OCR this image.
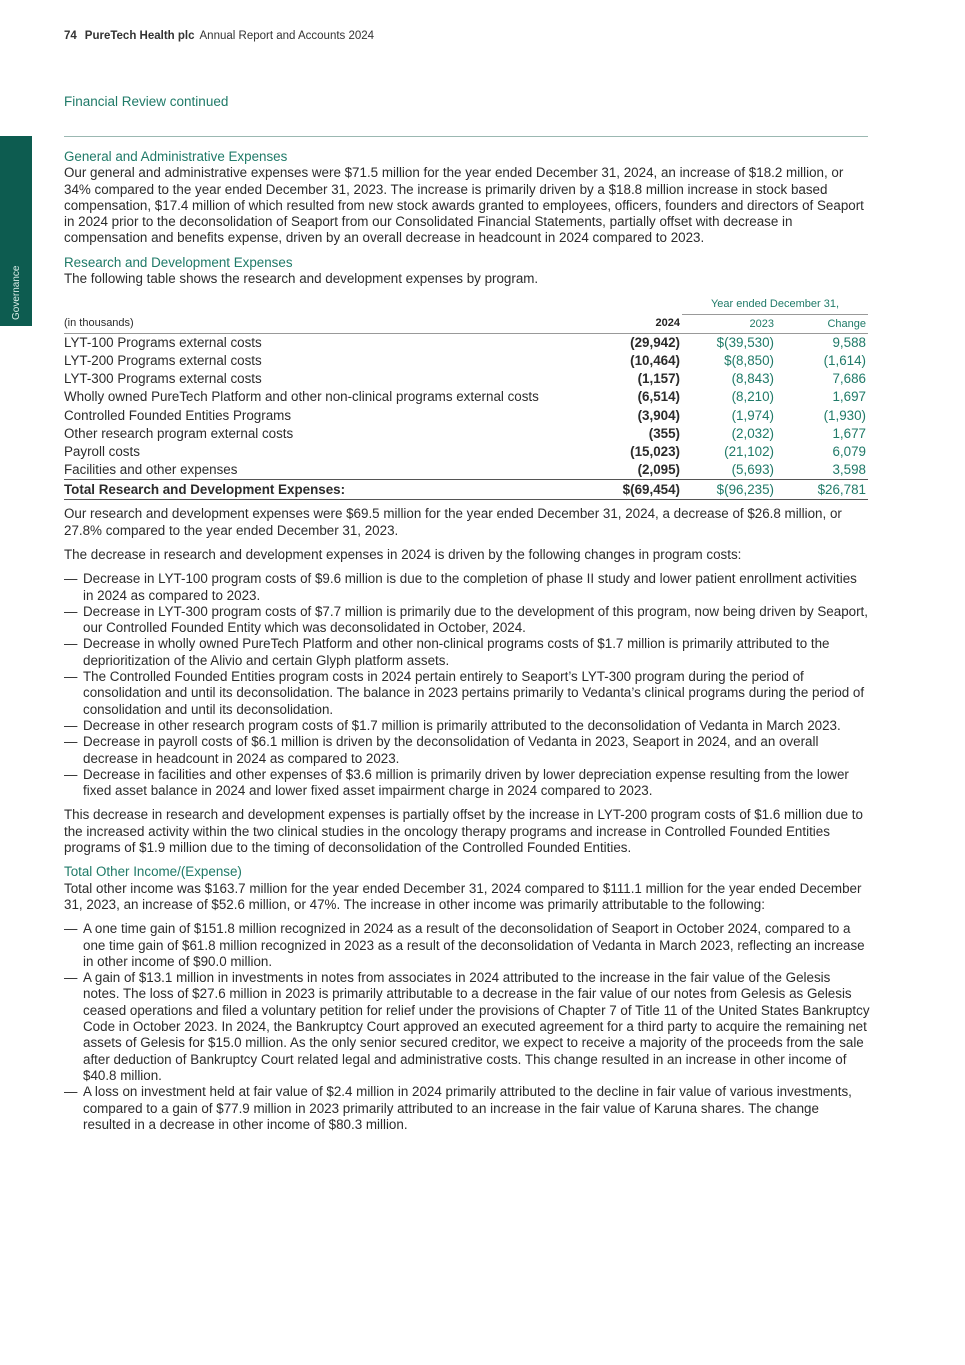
74 PureTech Health plc Annual Report and Accounts 2024
Financial Review continued
Governance
General and Administrative Expenses

Our general and administrative expenses were $71.5 million for the year ended December 31, 2024, an increase of $18.2 million, or 34% compared to the year ended December 31, 2023. The increase is primarily driven by a $18.8 million increase in stock based compensation, $17.4 million of which resulted from new stock awards granted to employees, officers, founders and directors of Seaport in 2024 prior to the deconsolidation of Seaport from our Consolidated Financial Statements, partially offset with decrease in compensation and benefits expense, driven by an overall decrease in headcount in 2024 compared to 2023.

Research and Development Expenses

The following table shows the research and development expenses by program.

		Year ended December 31,	
(in thousands)	2024	2023	Change
LYT-100 Programs external costs	(29,942)	$(39,530)	9,588
LYT-200 Programs external costs	(10,464)	$(8,850)	(1,614)
LYT-300 Programs external costs	(1,157)	(8,843)	7,686
Wholly owned PureTech Platform and other non-clinical programs external costs	(6,514)	(8,210)	1,697
Controlled Founded Entities Programs	(3,904)	(1,974)	(1,930)
Other research program external costs	(355)	(2,032)	1,677
Payroll costs	(15,023)	(21,102)	6,079
Facilities and other expenses	(2,095)	(5,693)	3,598
Total Research and Development Expenses:	$(69,454)	$(96,235)	$26,781

Our research and development expenses were $69.5 million for the year ended December 31, 2024, a decrease of $26.8 million, or 27.8% compared to the year ended December 31, 2023.

The decrease in research and development expenses in 2024 is driven by the following changes in program costs:

— Decrease in LYT-100 program costs of $9.6 million is due to the completion of phase II study and lower patient enrollment activities in 2024 as compared to 2023.
— Decrease in LYT-300 program costs of $7.7 million is primarily due to the development of this program, now being driven by Seaport, our Controlled Founded Entity which was deconsolidated in October, 2024.
— Decrease in wholly owned PureTech Platform and other non-clinical programs costs of $1.7 million is primarily attributed to the deprioritization of the Alivio and certain Glyph platform assets.
— The Controlled Founded Entities program costs in 2024 pertain entirely to Seaport’s LYT-300 program during the period of consolidation and until its deconsolidation. The balance in 2023 pertains primarily to Vedanta’s clinical programs during the period of consolidation and until its deconsolidation.
— Decrease in other research program costs of $1.7 million is primarily attributed to the deconsolidation of Vedanta in March 2023.
— Decrease in payroll costs of $6.1 million is driven by the deconsolidation of Vedanta in 2023, Seaport in 2024, and an overall decrease in headcount in 2024 as compared to 2023.
— Decrease in facilities and other expenses of $3.6 million is primarily driven by lower depreciation expense resulting from the lower fixed asset balance in 2024 and lower fixed asset impairment charge in 2024 compared to 2023.

This decrease in research and development expenses is partially offset by the increase in LYT-200 program costs of $1.6 million due to the increased activity within the two clinical studies in the oncology therapy programs and increase in Controlled Founded Entities programs of $1.9 million due to the timing of deconsolidation of the Controlled Founded Entities.

Total Other Income/(Expense)

Total other income was $163.7 million for the year ended December 31, 2024 compared to $111.1 million for the year ended December 31, 2023, an increase of $52.6 million, or 47%. The increase in other income was primarily attributable to the following:

— A one time gain of $151.8 million recognized in 2024 as a result of the deconsolidation of Seaport in October 2024, compared to a one time gain of $61.8 million recognized in 2023 as a result of the deconsolidation of Vedanta in March 2023, reflecting an increase in other income of $90.0 million.
— A gain of $13.1 million in investments in notes from associates in 2024 attributed to the increase in the fair value of the Gelesis notes. The loss of $27.6 million in 2023 is primarily attributable to a decrease in the fair value of our notes from Gelesis as Gelesis ceased operations and filed a voluntary petition for relief under the provisions of Chapter 7 of Title 11 of the United States Bankruptcy Code in October 2023. In 2024, the Bankruptcy Court approved an executed agreement for a third party to acquire the remaining net assets of Gelesis for $15.0 million. As the only senior secured creditor, we expect to receive a majority of the proceeds from the sale after deduction of Bankruptcy Court related legal and administrative costs. This change resulted in an increase in other income of $40.8 million.
— A loss on investment held at fair value of $2.4 million in 2024 primarily attributed to the decline in fair value of various investments, compared to a gain of $77.9 million in 2023 primarily attributed to an increase in the fair value of Karuna shares. The change resulted in a decrease in other income of $80.3 million.
